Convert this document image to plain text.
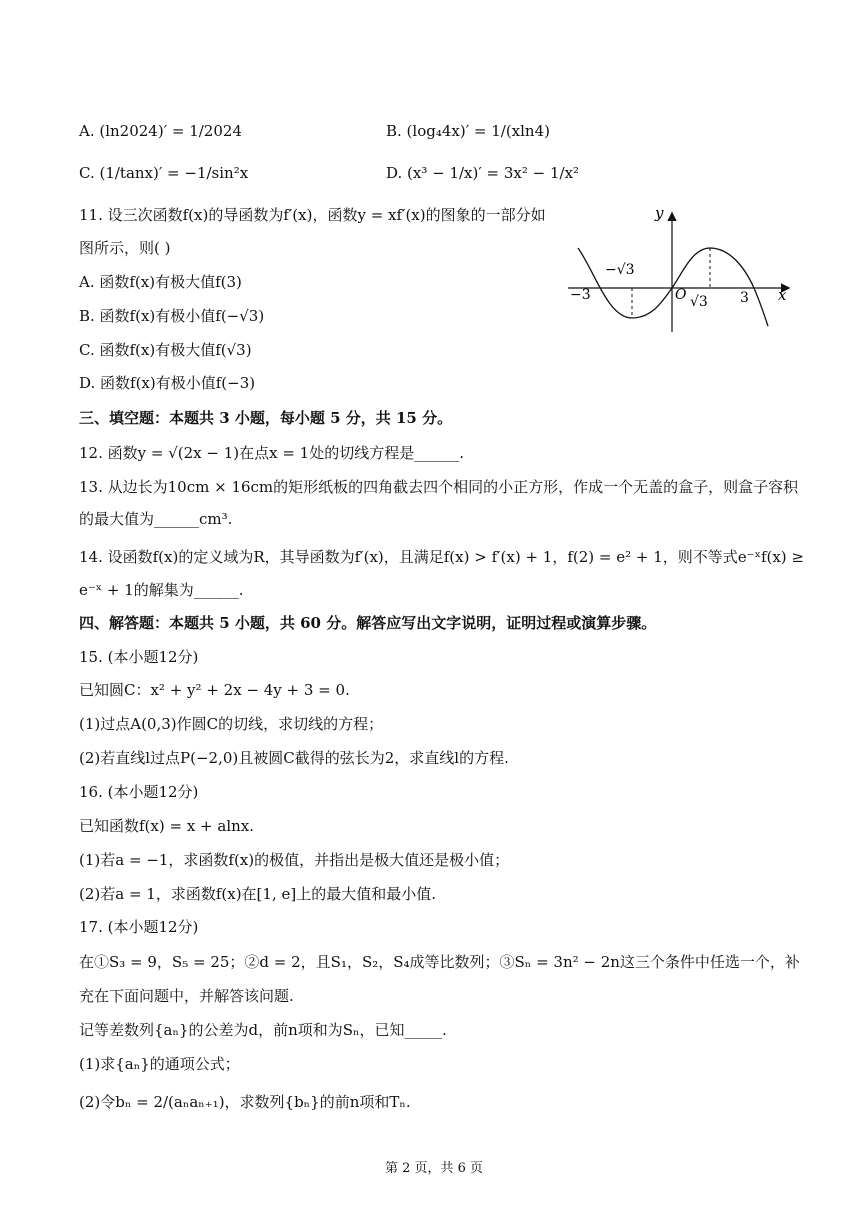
A. (ln2024)′ = 1/2024	B. (log₄4x)′ = 1/(xln4)
C. (1/tanx)′ = −1/sin²x	D. (x³ − 1/x)′ = 3x² − 1/x²
11. 设三次函数f(x)的导函数为f′(x)，函数y = xf′(x)的图象的一部分如
图所示，则( )
A. 函数f(x)有极大值f(3)
B. 函数f(x)有极小值f(−√3)
C. 函数f(x)有极大值f(√3)
D. 函数f(x)有极小值f(−3)
y
x
O
−3
−√3
√3 3
三、填空题：本题共 3 小题，每小题 5 分，共 15 分。
12. 函数y = √(2x − 1)在点x = 1处的切线方程是______.
13. 从边长为10cm × 16cm的矩形纸板的四角截去四个相同的小正方形，作成一个无盖的盒子，则盒子容积
的最大值为______cm³.
14. 设函数f(x)的定义域为R，其导函数为f′(x)，且满足f(x) > f′(x) + 1，f(2) = e² + 1，则不等式e⁻ˣf(x) ≥
e⁻ˣ + 1的解集为______.
四、解答题：本题共 5 小题，共 60 分。解答应写出文字说明，证明过程或演算步骤。
15. (本小题12分)
已知圆C：x² + y² + 2x − 4y + 3 = 0.
(1)过点A(0,3)作圆C的切线，求切线的方程；
(2)若直线l过点P(−2,0)且被圆C截得的弦长为2，求直线l的方程.
16. (本小题12分)
已知函数f(x) = x + alnx.
(1)若a = −1，求函数f(x)的极值，并指出是极大值还是极小值；
(2)若a = 1，求函数f(x)在[1, e]上的最大值和最小值.
17. (本小题12分)
在①S₃ = 9，S₅ = 25；②d = 2，且S₁，S₂，S₄成等比数列；③Sₙ = 3n² − 2n这三个条件中任选一个，补
充在下面问题中，并解答该问题.
记等差数列{aₙ}的公差为d，前n项和为Sₙ，已知_____.
(1)求{aₙ}的通项公式；
(2)令bₙ = 2/(aₙaₙ₊₁)，求数列{bₙ}的前n项和Tₙ.
第 2 页，共 6 页
